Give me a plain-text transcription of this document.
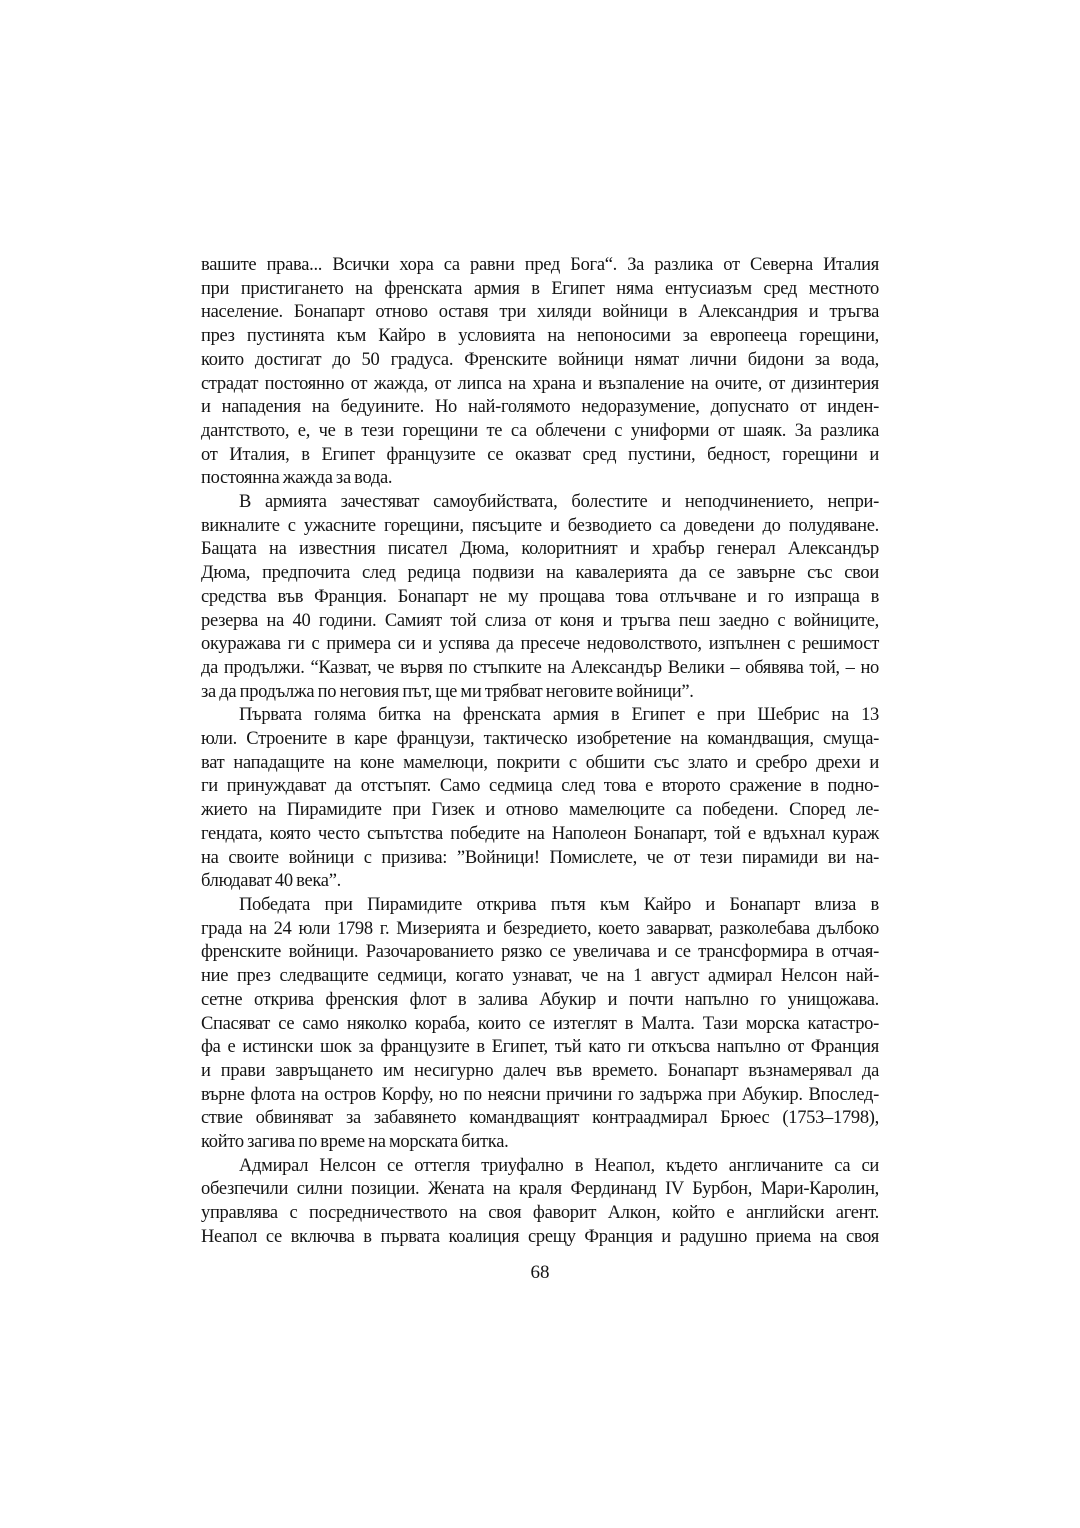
вашите права... Всички хора са равни пред Бога“. За разлика от Северна Италия
при пристигането на френската армия в Египет няма ентусиазъм сред местното
население. Бонапарт отново оставя три хиляди войници в Александрия и тръгва
през пустинята към Кайро в условията на непоносими за европееца горещини,
които достигат до 50 градуса. Френските войници нямат лични бидони за вода,
страдат постоянно от жажда, от липса на храна и възпаление на очите, от дизинтерия
и нападения на бедуините. Но най-голямото недоразумение, допуснато от инден-
дантството, е, че в тези горещини те са облечени с униформи от шаяк. За разлика
от Италия, в Египет французите се оказват сред пустини, бедност, горещини и
постоянна жажда за вода.
В армията зачестяват самоубийствата, болестите и неподчинението, непри-
викналите с ужасните горещини, пясъците и безводието са доведени до полудяване.
Бащата на известния писател Дюма, колоритният и храбър генерал Александър
Дюма, предпочита след редица подвизи на кавалерията да се завърне със свои
средства във Франция. Бонапарт не му прощава това отлъчване и го изпраща в
резерва на 40 години. Самият той слиза от коня и тръгва пеш заедно с войниците,
окуражава ги с примера си и успява да пресече недоволството, изпълнен с решимост
да продължи. “Казват, че вървя по стъпките на Александър Велики – обявява той, – но
за да продължа по неговия път, ще ми трябват неговите войници”.
Първата голяма битка на френската армия в Египет е при Шебрис на 13
юли. Строените в каре французи, тактическо изобретение на командващия, смуща-
ват нападащите на коне мамелюци, покрити с обшити със злато и сребро дрехи и
ги принуждават да отстъпят. Само седмица след това е второто сражение в подно-
жието на Пирамидите при Гизек и отново мамелюците са победени. Според ле-
гендата, която често съпътства победите на Наполеон Бонапарт, той е вдъхнал кураж
на своите войници с призива: ”Войници! Помислете, че от тези пирамиди ви на-
блюдават 40 века”.
Победата при Пирамидите открива пътя към Кайро и Бонапарт влиза в
града на 24 юли 1798 г. Мизерията и безредието, което заварват, разколебава дълбоко
френските войници. Разочарованието рязко се увеличава и се трансформира в отчая-
ние през следващите седмици, когато узнават, че на 1 август адмирал Нелсон най-
сетне открива френския флот в залива Абукир и почти напълно го унищожава.
Спасяват се само няколко кораба, които се изтеглят в Малта. Тази морска катастро-
фа е истински шок за французите в Египет, тъй като ги откъсва напълно от Франция
и прави завръщането им несигурно далеч във времето. Бонапарт възнамерявал да
върне флота на остров Корфу, но по неясни причини го задържа при Абукир. Впослед-
ствие обвиняват за забавянето командващият контраадмирал Брюес (1753–1798),
който загива по време на морската битка.
Адмирал Нелсон се оттегля триуфално в Неапол, където англичаните са си
обезпечили силни позиции. Жената на краля Фердинанд IV Бурбон, Мари-Каролин,
управлява с посредничеството на своя фаворит Алкон, който е английски агент.
Неапол се включва в първата коалиция срещу Франция и радушно приема на своя
68
